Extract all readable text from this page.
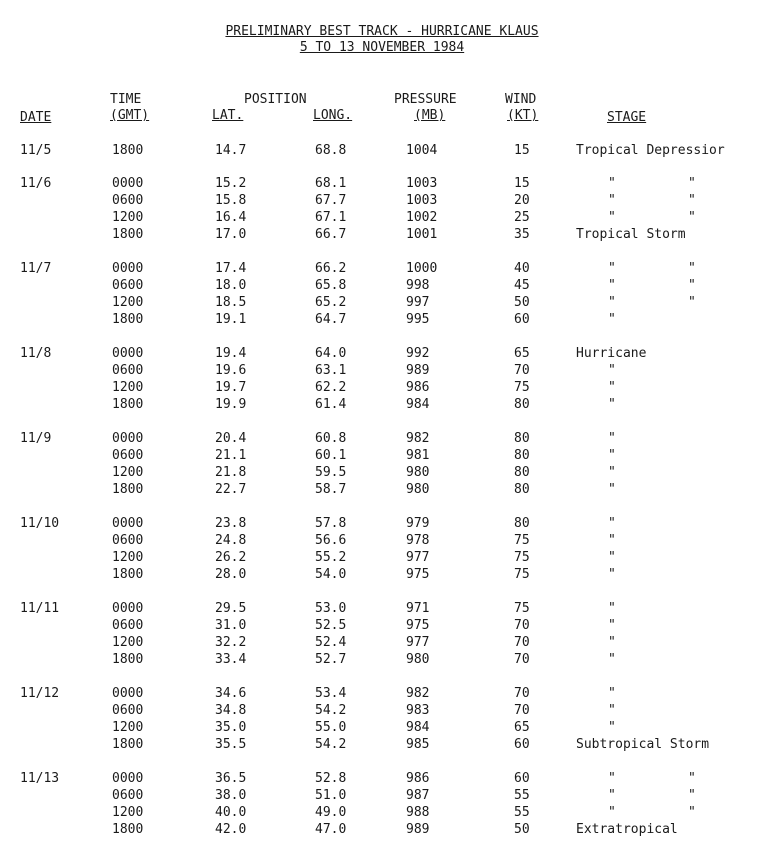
PRELIMINARY BEST TRACK - HURRICANE KLAUS
5 TO 13 NOVEMBER 1984
TIME	POSITION	PRESSURE	WIND
DATE	(GMT)	LAT.	LONG.	(MB)	(KT)	STAGE
11/5	1800	14.7	68.8	1004	15	Tropical Depressior
11/6	0000	15.2	68.1	1003	15	"	"
0600	15.8	67.7	1003	20	"	"
1200	16.4	67.1	1002	25	"	"
1800	17.0	66.7	1001	35	Tropical Storm
11/7	0000	17.4	66.2	1000	40	"	"
0600	18.0	65.8	998	45	"	"
1200	18.5	65.2	997	50	"	"
1800	19.1	64.7	995	60	"
11/8	0000	19.4	64.0	992	65	Hurricane
0600	19.6	63.1	989	70	"
1200	19.7	62.2	986	75	"
1800	19.9	61.4	984	80	"
11/9	0000	20.4	60.8	982	80	"
0600	21.1	60.1	981	80	"
1200	21.8	59.5	980	80	"
1800	22.7	58.7	980	80	"
11/10	0000	23.8	57.8	979	80	"
0600	24.8	56.6	978	75	"
1200	26.2	55.2	977	75	"
1800	28.0	54.0	975	75	"
11/11	0000	29.5	53.0	971	75	"
0600	31.0	52.5	975	70	"
1200	32.2	52.4	977	70	"
1800	33.4	52.7	980	70	"
11/12	0000	34.6	53.4	982	70	"
0600	34.8	54.2	983	70	"
1200	35.0	55.0	984	65	"
1800	35.5	54.2	985	60	Subtropical Storm
11/13	0000	36.5	52.8	986	60	"	"
0600	38.0	51.0	987	55	"	"
1200	40.0	49.0	988	55	"	"
1800	42.0	47.0	989	50	Extratropical
